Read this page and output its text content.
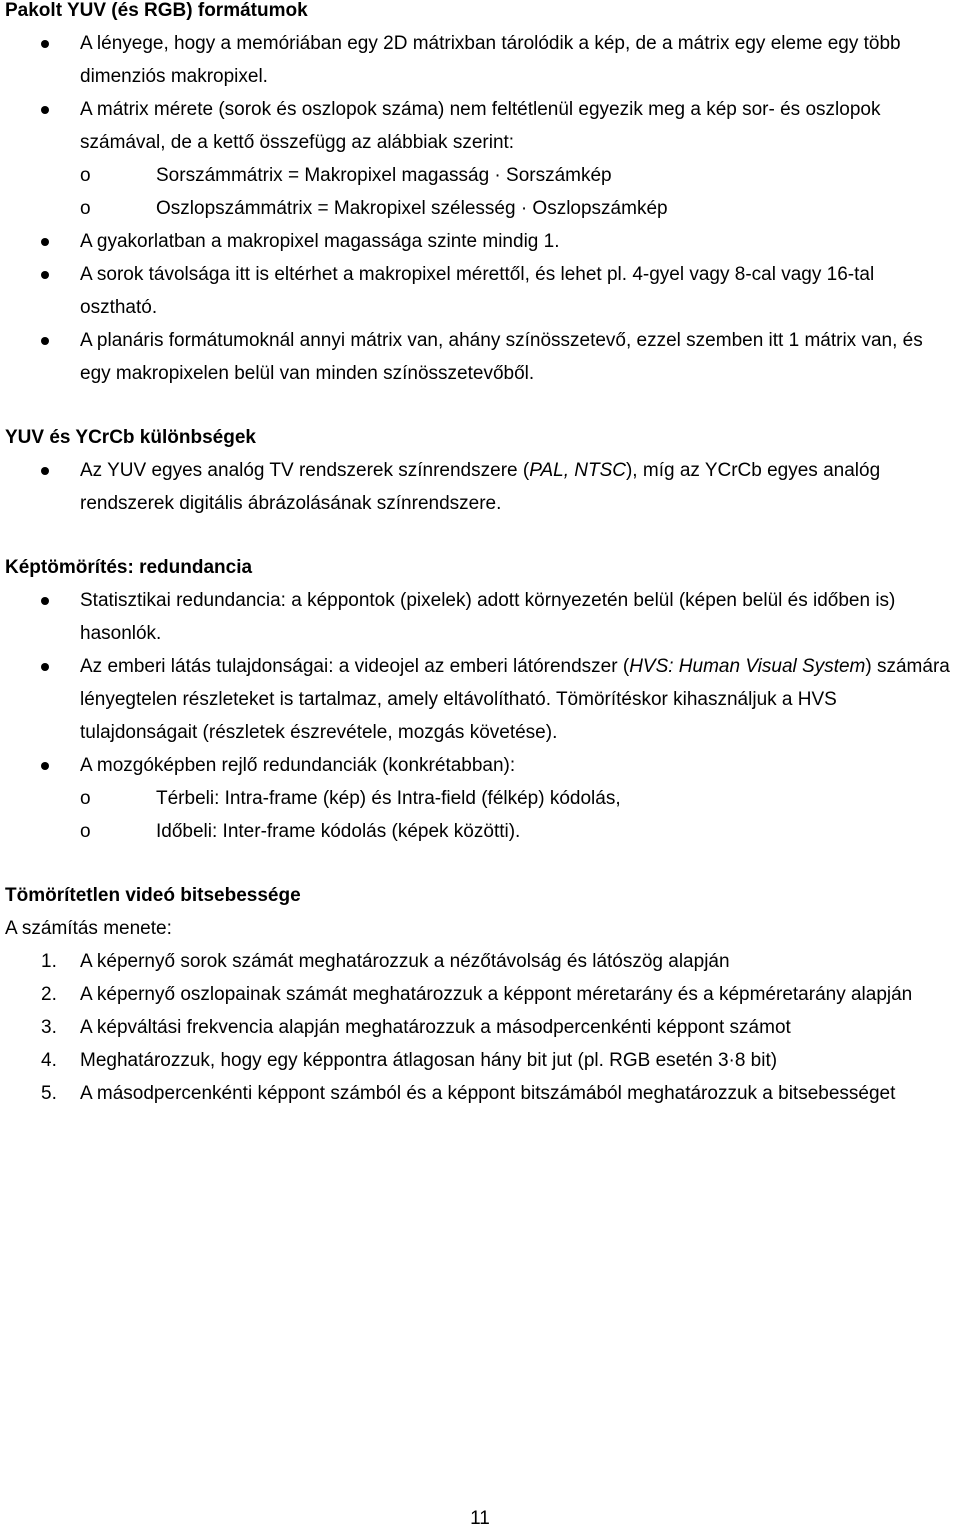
Pakolt YUV (és RGB) formátumok
A lényege, hogy a memóriában egy 2D mátrixban tárolódik a kép, de a mátrix egy eleme egy több dimenziós makropixel.
A mátrix mérete (sorok és oszlopok száma) nem feltétlenül egyezik meg a kép sor- és oszlopok számával, de a kettő összefügg az alábbiak szerint:
o	Sorszámmátrix = Makropixel magasság · Sorszámkép
o	Oszlopszámmátrix = Makropixel szélesség · Oszlopszámkép
A gyakorlatban a makropixel magassága szinte mindig 1.
A sorok távolsága itt is eltérhet a makropixel mérettől, és lehet pl. 4-gyel vagy 8-cal vagy 16-tal osztható.
A planáris formátumoknál annyi mátrix van, ahány színösszetevő, ezzel szemben itt 1 mátrix van, és egy makropixelen belül van minden színösszetevőből.
YUV és YCrCb különbségek
Az YUV egyes analóg TV rendszerek színrendszere (PAL, NTSC), míg az YCrCb egyes analóg rendszerek digitális ábrázolásának színrendszere.
Képtömörítés: redundancia
Statisztikai redundancia: a képpontok (pixelek) adott környezetén belül (képen belül és időben is) hasonlók.
Az emberi látás tulajdonságai: a videojel az emberi látórendszer (HVS: Human Visual System) számára lényegtelen részleteket is tartalmaz, amely eltávolítható. Tömörítéskor kihasználjuk a HVS tulajdonságait (részletek észrevétele, mozgás követése).
A mozgóképben rejlő redundanciák (konkrétabban):
o	Térbeli: Intra-frame (kép) és Intra-field (félkép) kódolás,
o	Időbeli: Inter-frame kódolás (képek közötti).
Tömörítetlen videó bitsebessége

A számítás menete:

1. A képernyő sorok számát meghatározzuk a nézőtávolság és látószög alapján
2. A képernyő oszlopainak számát meghatározzuk a képpont méretarány és a képméretarány alapján
3. A képváltási frekvencia alapján meghatározzuk a másodpercenkénti képpont számot
4. Meghatározzuk, hogy egy képpontra átlagosan hány bit jut (pl. RGB esetén 3·8 bit)
5. A másodpercenkénti képpont számból és a képpont bitszámából meghatározzuk a bitsebességet
11
